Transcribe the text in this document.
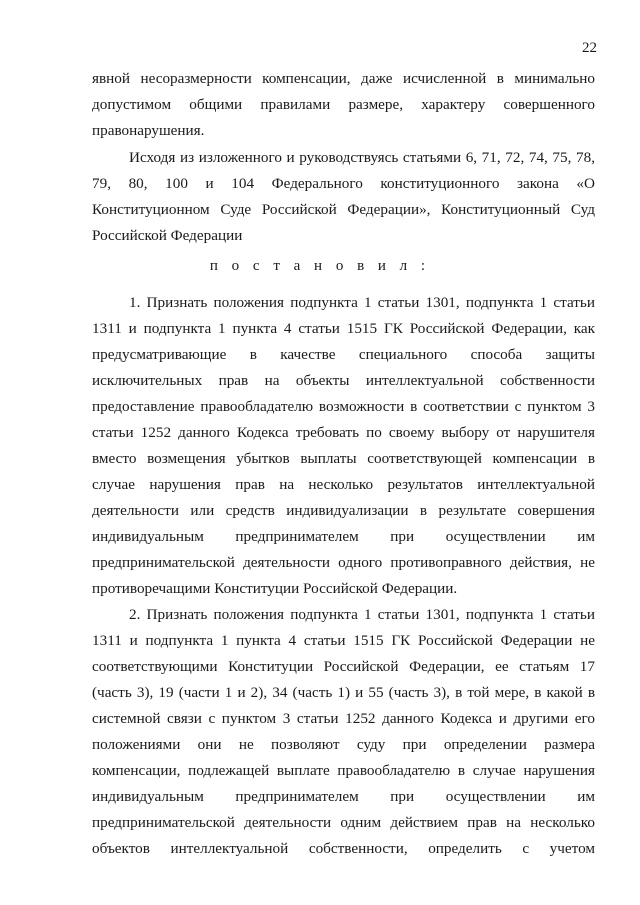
22
явной несоразмерности компенсации, даже исчисленной в минимально
допустимом общими правилами размере, характеру совершенного
правонарушения.
Исходя из изложенного и руководствуясь статьями 6, 71, 72, 74, 75, 78,
79, 80, 100 и 104 Федерального конституционного закона «О
Конституционном Суде Российской Федерации», Конституционный Суд
Российской Федерации
п о с т а н о в и л :
1. Признать положения подпункта 1 статьи 1301, подпункта 1 статьи
1311 и подпункта 1 пункта 4 статьи 1515 ГК Российской Федерации, как
предусматривающие в качестве специального способа защиты
исключительных прав на объекты интеллектуальной собственности
предоставление правообладателю возможности в соответствии с пунктом 3
статьи 1252 данного Кодекса требовать по своему выбору от нарушителя
вместо возмещения убытков выплаты соответствующей компенсации в
случае нарушения прав на несколько результатов интеллектуальной
деятельности или средств индивидуализации в результате совершения
индивидуальным предпринимателем при осуществлении им
предпринимательской деятельности одного противоправного действия, не
противоречащими Конституции Российской Федерации.
2. Признать положения подпункта 1 статьи 1301, подпункта 1 статьи
1311 и подпункта 1 пункта 4 статьи 1515 ГК Российской Федерации не
соответствующими Конституции Российской Федерации, ее статьям 17
(часть 3), 19 (части 1 и 2), 34 (часть 1) и 55 (часть 3), в той мере, в какой в
системной связи с пунктом 3 статьи 1252 данного Кодекса и другими его
положениями они не позволяют суду при определении размера
компенсации, подлежащей выплате правообладателю в случае нарушения
индивидуальным предпринимателем при осуществлении им
предпринимательской деятельности одним действием прав на несколько
объектов интеллектуальной собственности, определить с учетом
